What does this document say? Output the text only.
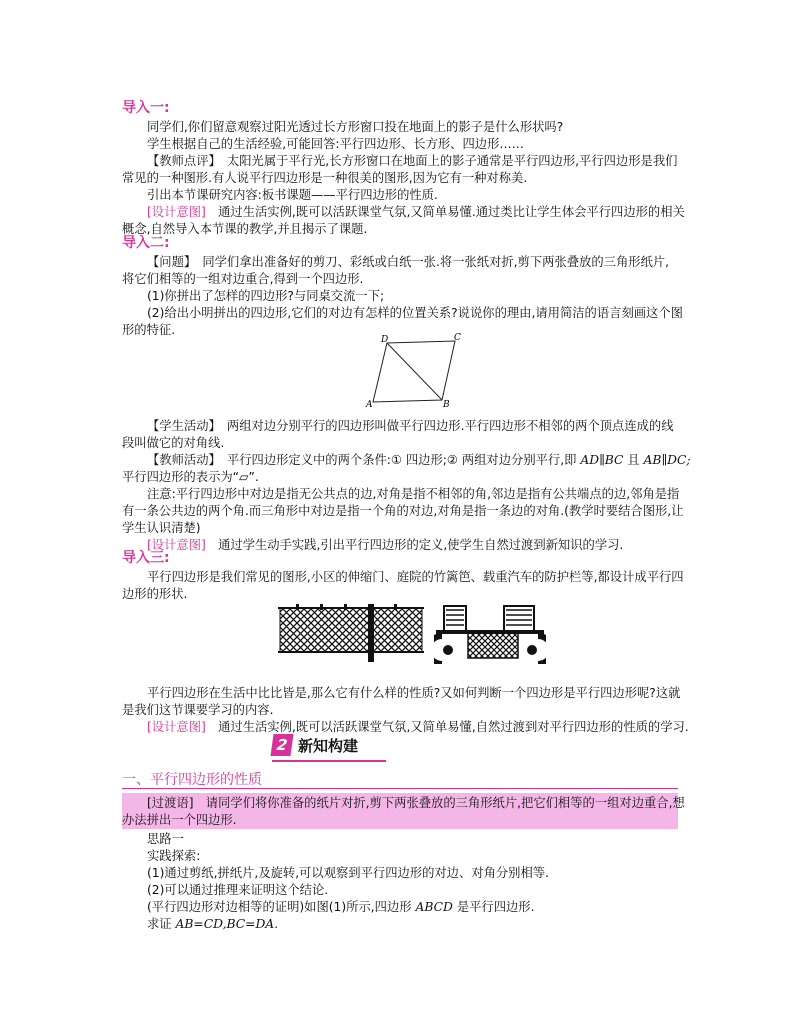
导入一:
同学们,你们留意观察过阳光透过长方形窗口投在地面上的影子是什么形状吗?
学生根据自己的生活经验,可能回答:平行四边形、长方形、四边形……
【教师点评】　太阳光属于平行光,长方形窗口在地面上的影子通常是平行四边形,平行四边形是我们
常见的一种图形.有人说平行四边形是一种很美的图形,因为它有一种对称美.
引出本节课研究内容:板书课题——平行四边形的性质.
[设计意图]　通过生活实例,既可以活跃课堂气氛,又简单易懂.通过类比让学生体会平行四边形的相关
概念,自然导入本节课的教学,并且揭示了课题.
导入二:
【问题】　同学们拿出准备好的剪刀、彩纸或白纸一张.将一张纸对折,剪下两张叠放的三角形纸片,
将它们相等的一组对边重合,得到一个四边形.
(1)你拼出了怎样的四边形?与同桌交流一下;
(2)给出小明拼出的四边形,它们的对边有怎样的位置关系?说说你的理由,请用简洁的语言刻画这个图
形的特征.
D	C
A	B
【学生活动】　两组对边分别平行的四边形叫做平行四边形.平行四边形不相邻的两个顶点连成的线
段叫做它的对角线.
【教师活动】　平行四边形定义中的两个条件:① 四边形;② 两组对边分别平行,即 AD∥BC 且 AB∥DC;
平行四边形的表示为“▱”.
注意:平行四边形中对边是指无公共点的边,对角是指不相邻的角,邻边是指有公共端点的边,邻角是指
有一条公共边的两个角.而三角形中对边是指一个角的对边,对角是指一条边的对角.(教学时要结合图形,让
学生认识清楚)
[设计意图]　通过学生动手实践,引出平行四边形的定义,使学生自然过渡到新知识的学习.
导入三:
平行四边形是我们常见的图形,小区的伸缩门、庭院的竹篱笆、载重汽车的防护栏等,都设计成平行四
边形的形状.
平行四边形在生活中比比皆是,那么它有什么样的性质?又如何判断一个四边形是平行四边形呢?这就
是我们这节课要学习的内容.
[设计意图]　通过生活实例,既可以活跃课堂气氛,又简单易懂,自然过渡到对平行四边形的性质的学习.
2 新知构建
一、平行四边形的性质
[过渡语]　请同学们将你准备的纸片对折,剪下两张叠放的三角形纸片,把它们相等的一组对边重合,想
办法拼出一个四边形.
思路一
实践探索:
(1)通过剪纸,拼纸片,及旋转,可以观察到平行四边形的对边、对角分别相等.
(2)可以通过推理来证明这个结论.
(平行四边形对边相等的证明)如图(1)所示,四边形 ABCD 是平行四边形.
求证 AB=CD,BC=DA.
